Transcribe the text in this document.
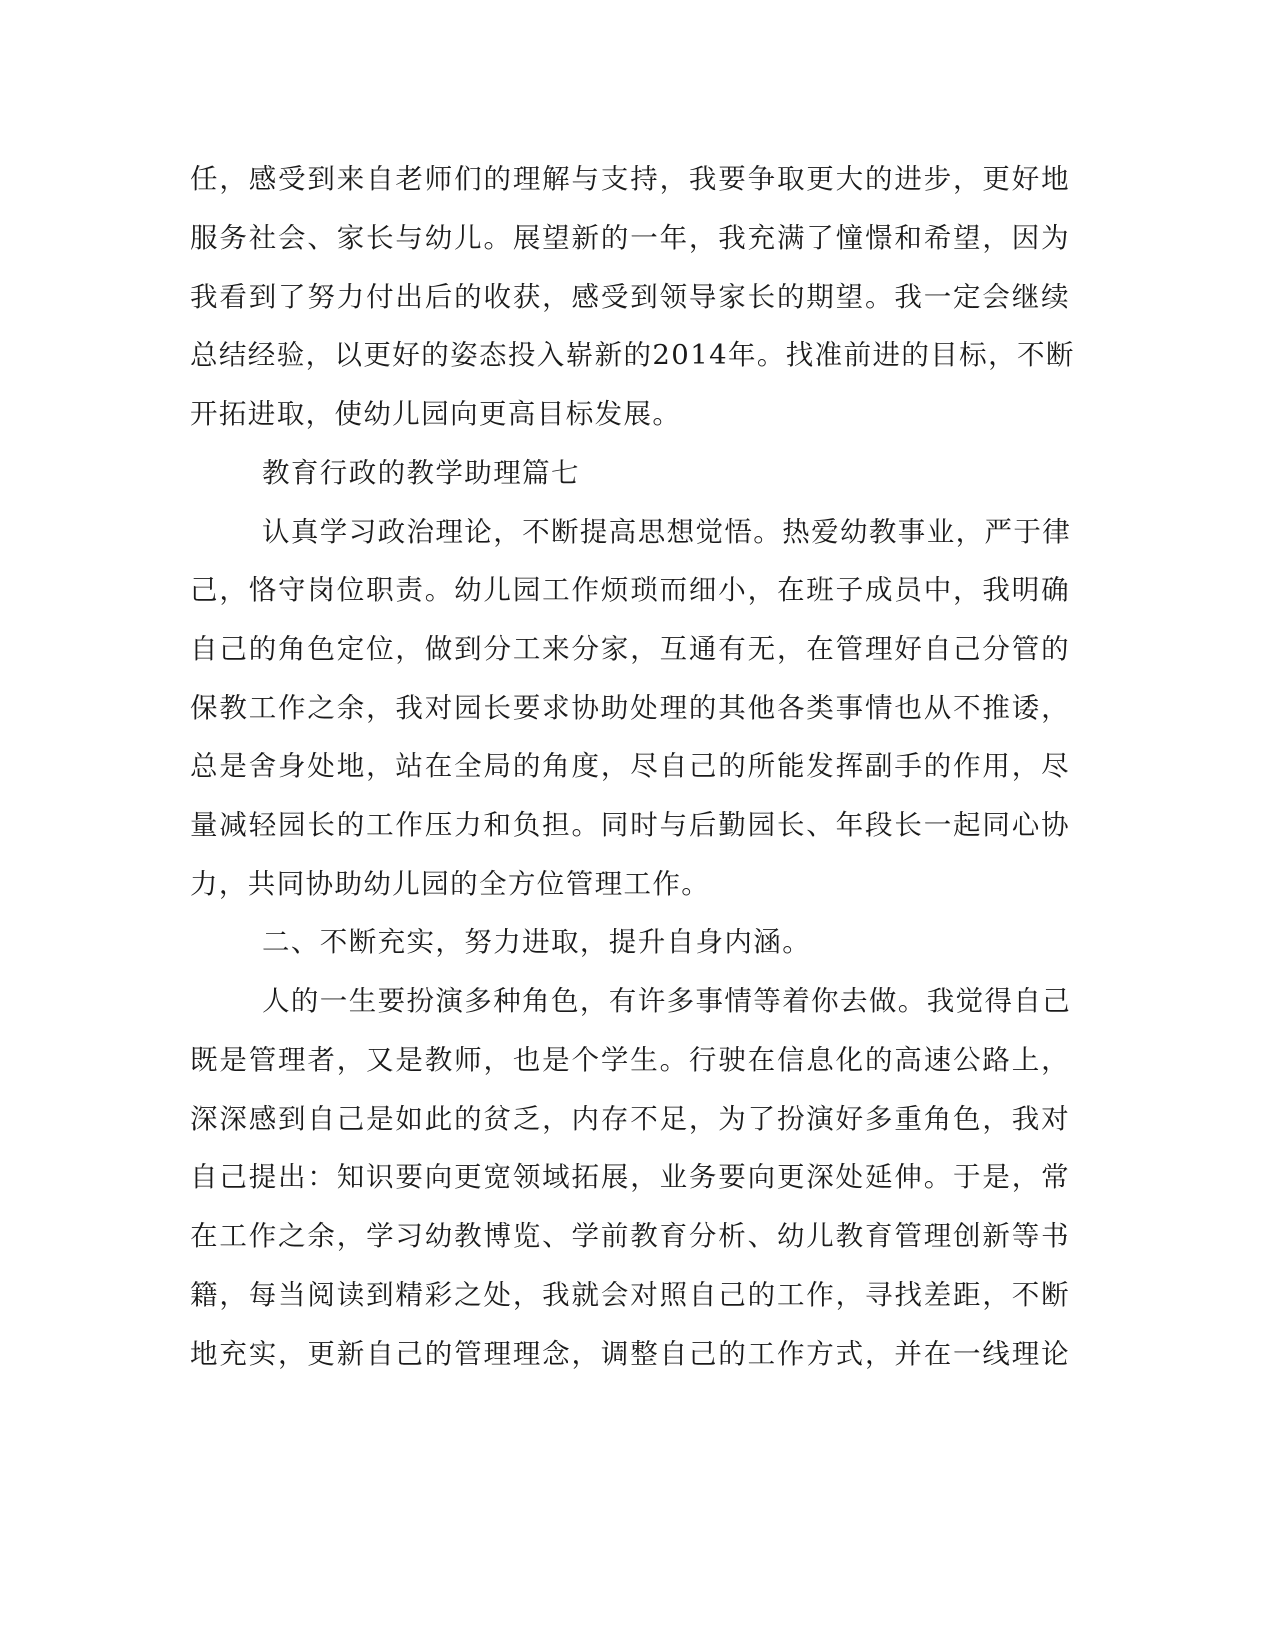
任，感受到来自老师们的理解与支持，我要争取更大的进步，更好地
服务社会、家长与幼儿。展望新的一年，我充满了憧憬和希望，因为
我看到了努力付出后的收获，感受到领导家长的期望。我一定会继续
总结经验，以更好的姿态投入崭新的2014年。找准前进的目标，不断
开拓进取，使幼儿园向更高目标发展。
教育行政的教学助理篇七
认真学习政治理论，不断提高思想觉悟。热爱幼教事业，严于律
己，恪守岗位职责。幼儿园工作烦琐而细小，在班子成员中，我明确
自己的角色定位，做到分工来分家，互通有无，在管理好自己分管的
保教工作之余，我对园长要求协助处理的其他各类事情也从不推诿，
总是舍身处地，站在全局的角度，尽自己的所能发挥副手的作用，尽
量减轻园长的工作压力和负担。同时与后勤园长、年段长一起同心协
力，共同协助幼儿园的全方位管理工作。
二、不断充实，努力进取，提升自身内涵。
人的一生要扮演多种角色，有许多事情等着你去做。我觉得自己
既是管理者，又是教师，也是个学生。行驶在信息化的高速公路上，
深深感到自己是如此的贫乏，内存不足，为了扮演好多重角色，我对
自己提出：知识要向更宽领域拓展，业务要向更深处延伸。于是，常
在工作之余，学习幼教博览、学前教育分析、幼儿教育管理创新等书
籍，每当阅读到精彩之处，我就会对照自己的工作，寻找差距，不断
地充实，更新自己的管理理念，调整自己的工作方式，并在一线理论
